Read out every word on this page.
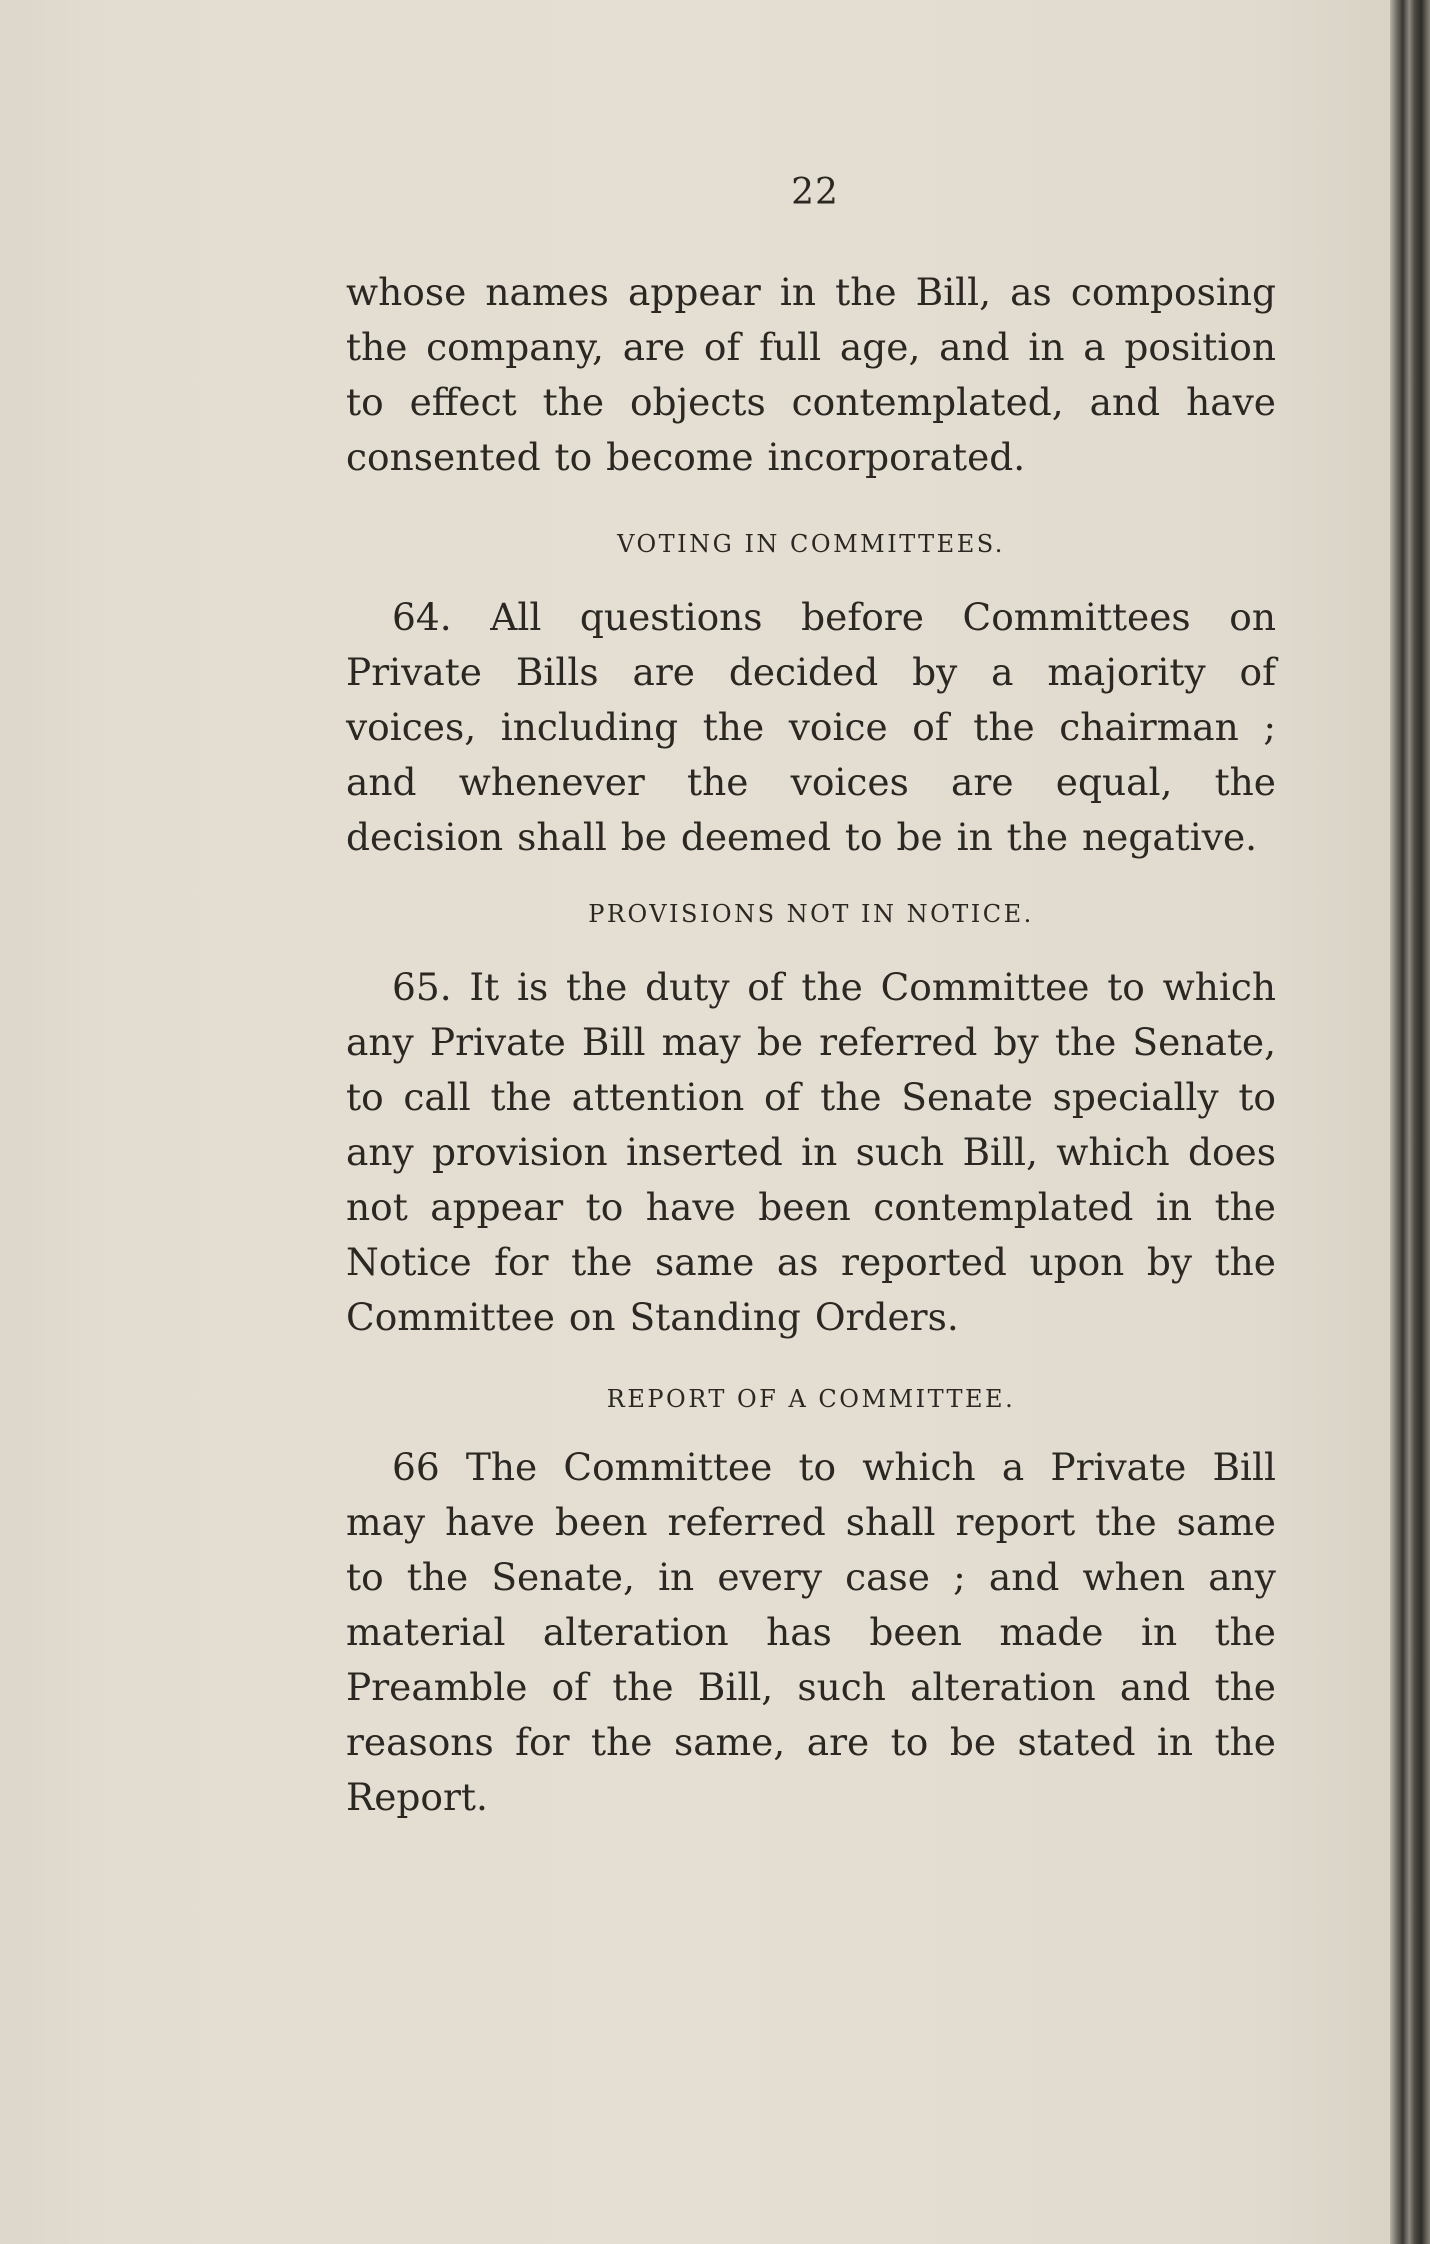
22

whose names appear in the Bill, as composing the company, are of full age, and in a position to effect the objects contemplated, and have consented to become incorporated.

VOTING IN COMMITTEES.

64. All questions before Committees on Private Bills are decided by a majority of voices, including the voice of the chairman ; and whenever the voices are equal, the decision shall be deemed to be in the negative.

PROVISIONS NOT IN NOTICE.

65. It is the duty of the Committee to which any Private Bill may be referred by the Senate, to call the attention of the Senate specially to any provision inserted in such Bill, which does not appear to have been contemplated in the Notice for the same as reported upon by the Committee on Standing Orders.

REPORT OF A COMMITTEE.

66 The Committee to which a Private Bill may have been referred shall report the same to the Senate, in every case ; and when any material alteration has been made in the Preamble of the Bill, such alteration and the reasons for the same, are to be stated in the Report.
